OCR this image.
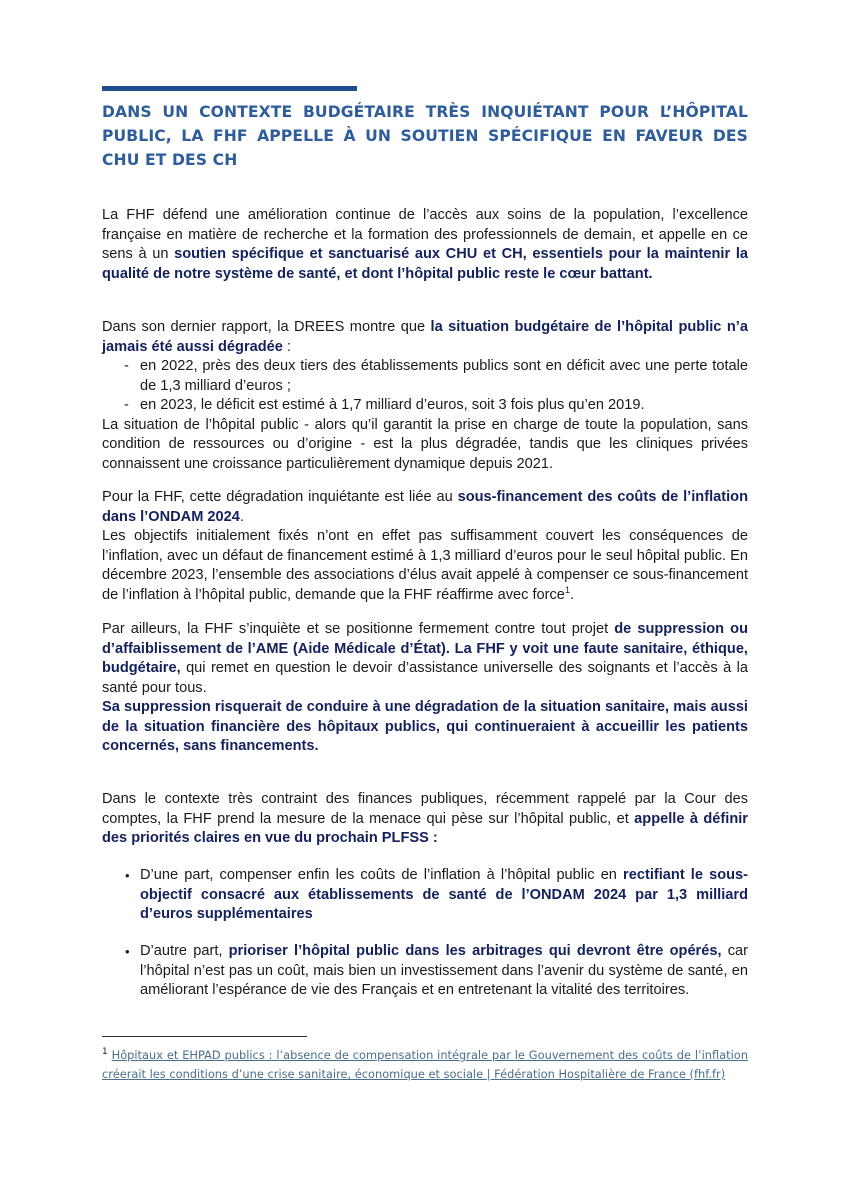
DANS UN CONTEXTE BUDGÉTAIRE TRÈS INQUIÉTANT POUR L’HÔPITAL PUBLIC, LA FHF APPELLE À UN SOUTIEN SPÉCIFIQUE EN FAVEUR DES CHU ET DES CH

La FHF défend une amélioration continue de l’accès aux soins de la population, l’excellence française en matière de recherche et la formation des professionnels de demain, et appelle en ce sens à un soutien spécifique et sanctuarisé aux CHU et CH, essentiels pour la maintenir la qualité de notre système de santé, et dont l’hôpital public reste le cœur battant.

Dans son dernier rapport, la DREES montre que la situation budgétaire de l’hôpital public n’a jamais été aussi dégradée :

- en 2022, près des deux tiers des établissements publics sont en déficit avec une perte totale de 1,3 milliard d’euros ;
- en 2023, le déficit est estimé à 1,7 milliard d’euros, soit 3 fois plus qu’en 2019.

La situation de l’hôpital public - alors qu’il garantit la prise en charge de toute la population, sans condition de ressources ou d’origine - est la plus dégradée, tandis que les cliniques privées connaissent une croissance particulièrement dynamique depuis 2021.

Pour la FHF, cette dégradation inquiétante est liée au sous-financement des coûts de l’inflation dans l’ONDAM 2024.

Les objectifs initialement fixés n’ont en effet pas suffisamment couvert les conséquences de l’inflation, avec un défaut de financement estimé à 1,3 milliard d’euros pour le seul hôpital public. En décembre 2023, l’ensemble des associations d’élus avait appelé à compenser ce sous-financement de l’inflation à l’hôpital public, demande que la FHF réaffirme avec force$^1$.

Par ailleurs, la FHF s’inquiète et se positionne fermement contre tout projet de suppression ou d’affaiblissement de l’AME (Aide Médicale d’État). La FHF y voit une faute sanitaire, éthique, budgétaire, qui remet en question le devoir d’assistance universelle des soignants et l’accès à la santé pour tous.

Sa suppression risquerait de conduire à une dégradation de la situation sanitaire, mais aussi de la situation financière des hôpitaux publics, qui continueraient à accueillir les patients concernés, sans financements.

Dans le contexte très contraint des finances publiques, récemment rappelé par la Cour des comptes, la FHF prend la mesure de la menace qui pèse sur l’hôpital public, et appelle à définir des priorités claires en vue du prochain PLFSS :

• D’une part, compenser enfin les coûts de l’inflation à l’hôpital public en rectifiant le sous-objectif consacré aux établissements de santé de l’ONDAM 2024 par 1,3 milliard d’euros supplémentaires
• D’autre part, prioriser l’hôpital public dans les arbitrages qui devront être opérés, car l’hôpital n’est pas un coût, mais bien un investissement dans l’avenir du système de santé, en améliorant l’espérance de vie des Français et en entretenant la vitalité des territoires.
$^1$ Hôpitaux et EHPAD publics : l’absence de compensation intégrale par le Gouvernement des coûts de l’inflation créerait les conditions d’une crise sanitaire, économique et sociale | Fédération Hospitalière de France (fhf.fr)
